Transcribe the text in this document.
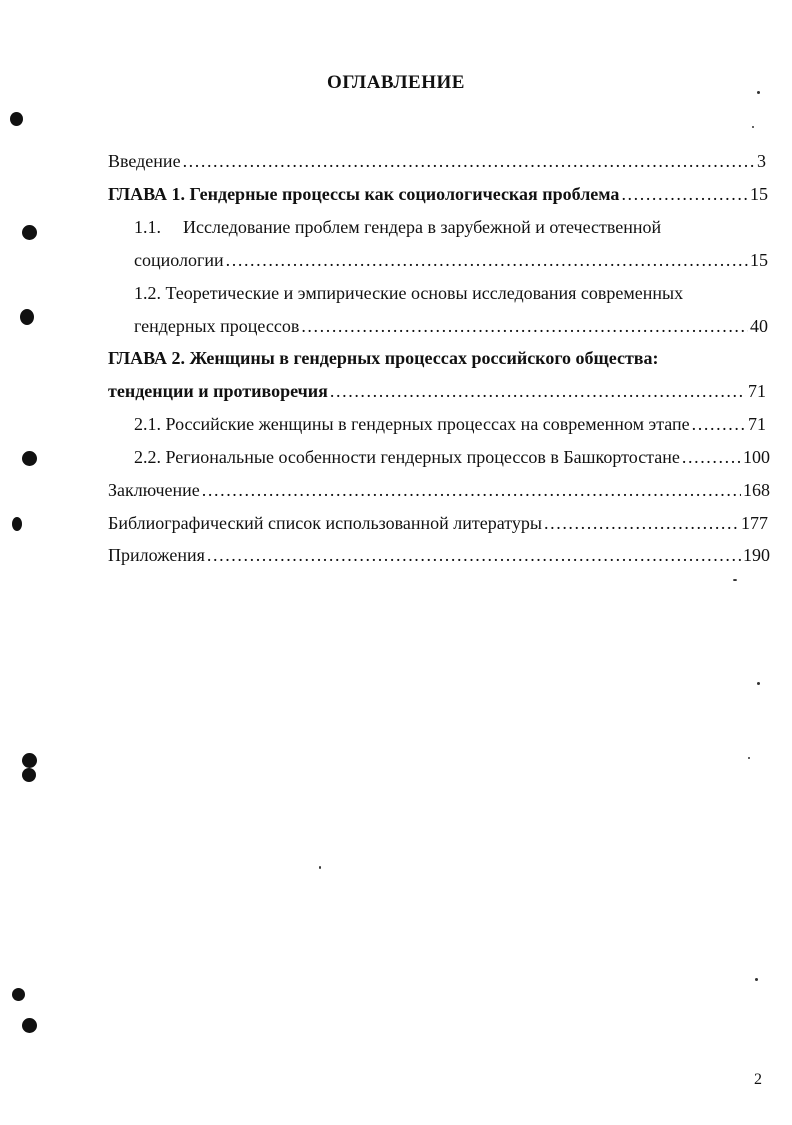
ОГЛАВЛЕНИЕ
Введение .....	3
ГЛАВА 1. Гендерные процессы как социологическая проблема .....	15
1.1. Исследование проблем гендера в зарубежной и отечественной
социологии .....	15
1.2. Теоретические и эмпирические основы исследования современных
гендерных процессов .....	40
ГЛАВА 2. Женщины в гендерных процессах российского общества:
тенденции и противоречия .....	71
2.1. Российские женщины в гендерных процессах на современном этапе .....	71
2.2. Региональные особенности гендерных процессов в Башкортостане .....	100
Заключение .....	168
Библиографический список использованной литературы .....	177
Приложения .....	190
2
